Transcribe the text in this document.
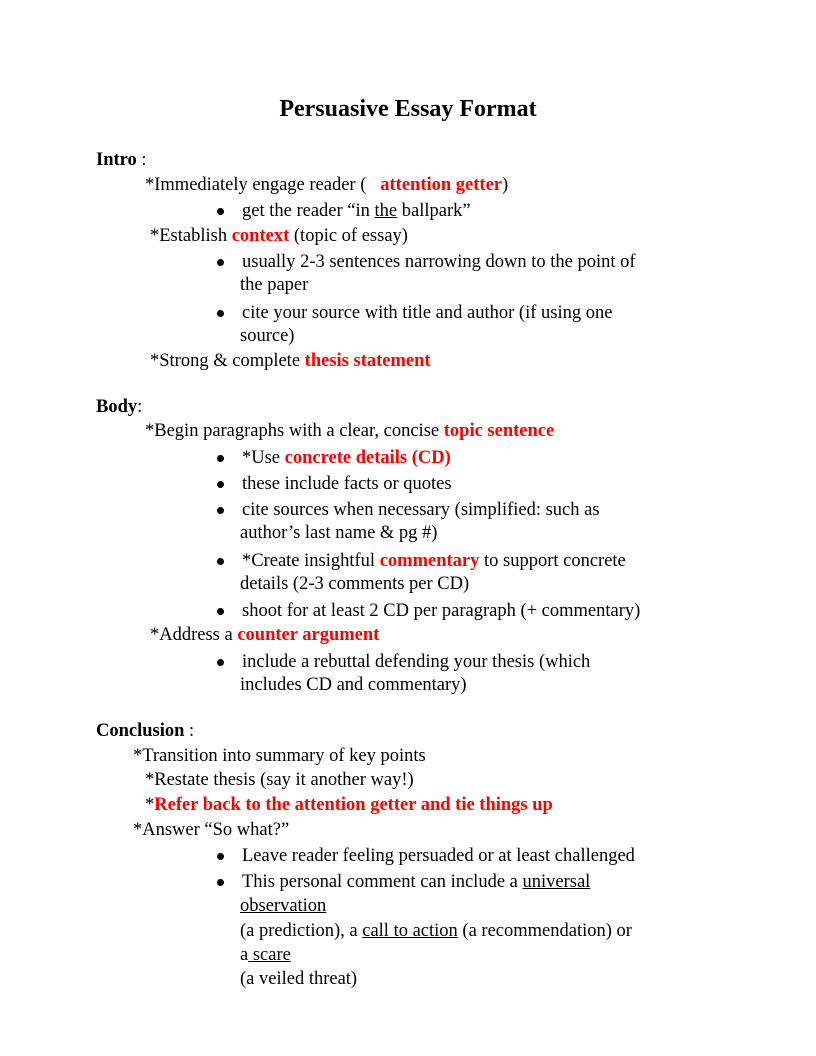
Persuasive Essay Format
Intro :
*Immediately engage reader ( attention getter)
get the reader “in the ballpark”
*Establish context (topic of essay)
usually 2-3 sentences narrowing down to the point of
the paper
cite your source with title and author (if using one
source)
*Strong & complete thesis statement
Body:
*Begin paragraphs with a clear, concise topic sentence
*Use concrete details (CD)
these include facts or quotes
cite sources when necessary (simplified: such as
author’s last name & pg #)
*Create insightful commentary to support concrete
details (2-3 comments per CD)
shoot for at least 2 CD per paragraph (+ commentary)
*Address a counter argument
include a rebuttal defending your thesis (which
includes CD and commentary)
Conclusion :
*Transition into summary of key points
*Restate thesis (say it another way!)
*Refer back to the attention getter and tie things up
*Answer “So what?”
Leave reader feeling persuaded or at least challenged
This personal comment can include a universal
observation
(a prediction), a call to action (a recommendation) or
a scare
(a veiled threat)
